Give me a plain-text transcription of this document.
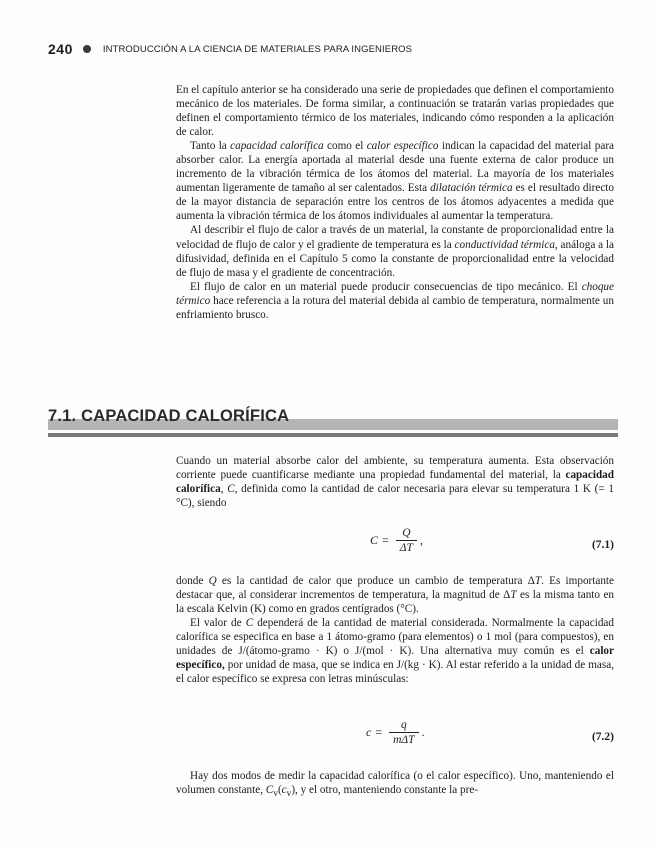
240	INTRODUCCIÓN A LA CIENCIA DE MATERIALES PARA INGENIEROS

En el capítulo anterior se ha considerado una serie de propiedades que definen el comportamiento mecánico de los materiales. De forma similar, a continuación se tratarán varias propiedades que definen el comportamiento térmico de los materiales, indicando cómo responden a la aplicación de calor.

Tanto la capacidad calorífica como el calor específico indican la capacidad del material para absorber calor. La energía aportada al material desde una fuente externa de calor produce un incremento de la vibración térmica de los átomos del material. La mayoría de los materiales aumentan ligeramente de tamaño al ser calentados. Esta dilatación térmica es el resultado directo de la mayor distancia de separación entre los centros de los átomos adyacentes a medida que aumenta la vibración térmica de los átomos individuales al aumentar la temperatura.

Al describir el flujo de calor a través de un material, la constante de proporcionalidad entre la velocidad de flujo de calor y el gradiente de temperatura es la conductividad térmica, análoga a la difusividad, definida en el Capítulo 5 como la constante de proporcionalidad entre la velocidad de flujo de masa y el gradiente de concentración.

El flujo de calor en un material puede producir consecuencias de tipo mecánico. El choque térmico hace referencia a la rotura del material debida al cambio de temperatura, normalmente un enfriamiento brusco.

7.1. CAPACIDAD CALORÍFICA

Cuando un material absorbe calor del ambiente, su temperatura aumenta. Esta observación corriente puede cuantificarse mediante una propiedad fundamental del material, la capacidad calorífica, C, definida como la cantidad de calor necesaria para elevar su temperatura 1 K (= 1 °C), siendo

$C = \frac{Q}{\Delta T}$ ,	(7.1)

donde Q es la cantidad de calor que produce un cambio de temperatura ΔT. Es importante destacar que, al considerar incrementos de temperatura, la magnitud de ΔT es la misma tanto en la escala Kelvin (K) como en grados centígrados (°C).

El valor de C dependerá de la cantidad de material considerada. Normalmente la capacidad calorífica se especifica en base a 1 átomo-gramo (para elementos) o 1 mol (para compuestos), en unidades de J/(átomo-gramo · K) o J/(mol · K). Una alternativa muy común es el calor específico, por unidad de masa, que se indica en J/(kg · K). Al estar referido a la unidad de masa, el calor específico se expresa con letras minúsculas:

$c = \frac{q}{\text{mΔT}}$ .	(7.2)

Hay dos modos de medir la capacidad calorífica (o el calor específico). Uno, manteniendo el volumen constante, $C_v(c_v)$, y el otro, manteniendo constante la pre-
